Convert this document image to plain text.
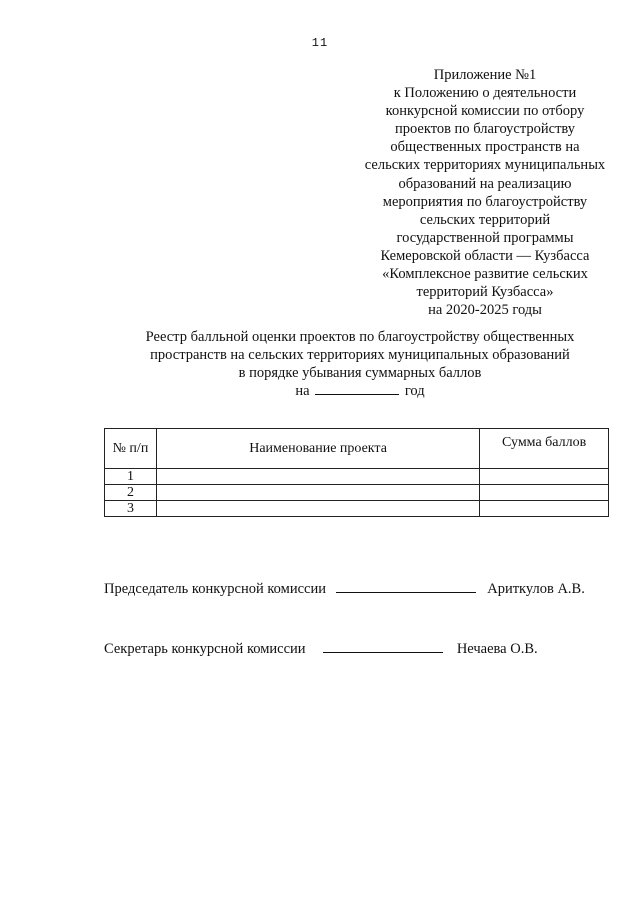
11
Приложение №1
к Положению о деятельности
конкурсной комиссии по отбору
проектов по благоустройству
общественных пространств на
сельских территориях муниципальных
образований на реализацию
мероприятия по благоустройству
сельских территорий
государственной программы
Кемеровской области — Кузбасса
«Комплексное развитие сельских
территорий Кузбасса»
на 2020-2025 годы
Реестр балльной оценки проектов по благоустройству общественных
пространств на сельских территориях муниципальных образований
в порядке убывания суммарных баллов
на	год
№ п/п	Наименование проекта	Сумма баллов
1		
2		
3		
Председатель конкурсной комиссии	Ариткулов А.В.
Секретарь конкурсной комиссии	Нечаева О.В.
